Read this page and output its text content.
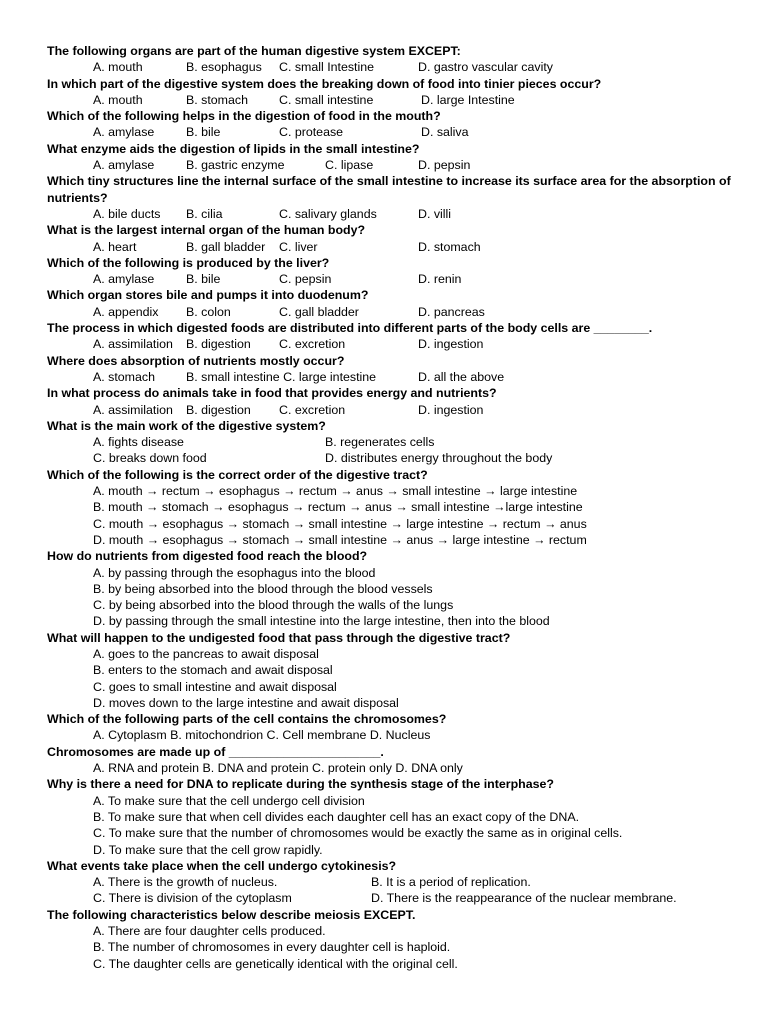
The following organs are part of the human digestive system EXCEPT:
A. mouth	B. esophagus C. small Intestine	D. gastro vascular cavity
In which part of the digestive system does the breaking down of food into tinier pieces occur?
A. mouth	B. stomach	C. small intestine	D. large Intestine
Which of the following helps in the digestion of food in the mouth?
A. amylase	B. bile	C. protease	D. saliva
What enzyme aids the digestion of lipids in the small intestine?
A. amylase	B. gastric enzyme	C. lipase	D. pepsin
Which tiny structures line the internal surface of the small intestine to increase its surface area for the absorption of nutrients?
A. bile ducts B. cilia	C. salivary glands	D. villi
What is the largest internal organ of the human body?
A. heart	B. gall bladder C. liver	D. stomach
Which of the following is produced by the liver?
A. amylase	B. bile	C. pepsin	D. renin
Which organ stores bile and pumps it into duodenum?
A. appendix B. colon	C. gall bladder	D. pancreas
The process in which digested foods are distributed into different parts of the body cells are ________.
A. assimilation B. digestion C. excretion	D. ingestion
Where does absorption of nutrients mostly occur?
A. stomach	B. small intestine C. large intestine	D. all the above
In what process do animals take in food that provides energy and nutrients?
A. assimilation B. digestion C. excretion	D. ingestion
What is the main work of the digestive system?
A. fights disease	B. regenerates cells
C. breaks down food	D. distributes energy throughout the body
Which of the following is the correct order of the digestive tract?
A. mouth → rectum → esophagus → rectum → anus → small intestine → large intestine
B. mouth → stomach → esophagus → rectum → anus → small intestine →large intestine
C. mouth → esophagus → stomach → small intestine → large intestine → rectum → anus
D. mouth → esophagus → stomach → small intestine → anus → large intestine → rectum
How do nutrients from digested food reach the blood?
A. by passing through the esophagus into the blood
B. by being absorbed into the blood through the blood vessels
C. by being absorbed into the blood through the walls of the lungs
D. by passing through the small intestine into the large intestine, then into the blood
What will happen to the undigested food that pass through the digestive tract?
A. goes to the pancreas to await disposal
B. enters to the stomach and await disposal
C. goes to small intestine and await disposal
D. moves down to the large intestine and await disposal
Which of the following parts of the cell contains the chromosomes?
A. Cytoplasm B. mitochondrion C. Cell membrane D. Nucleus
Chromosomes are made up of ______________________.
A. RNA and protein B. DNA and protein C. protein only D. DNA only
Why is there a need for DNA to replicate during the synthesis stage of the interphase?
A. To make sure that the cell undergo cell division
B. To make sure that when cell divides each daughter cell has an exact copy of the DNA.
C. To make sure that the number of chromosomes would be exactly the same as in original cells.
D. To make sure that the cell grow rapidly.
What events take place when the cell undergo cytokinesis?
A. There is the growth of nucleus.	B. It is a period of replication.
C. There is division of the cytoplasm	D. There is the reappearance of the nuclear membrane.
The following characteristics below describe meiosis EXCEPT.
A. There are four daughter cells produced.
B. The number of chromosomes in every daughter cell is haploid.
C. The daughter cells are genetically identical with the original cell.
